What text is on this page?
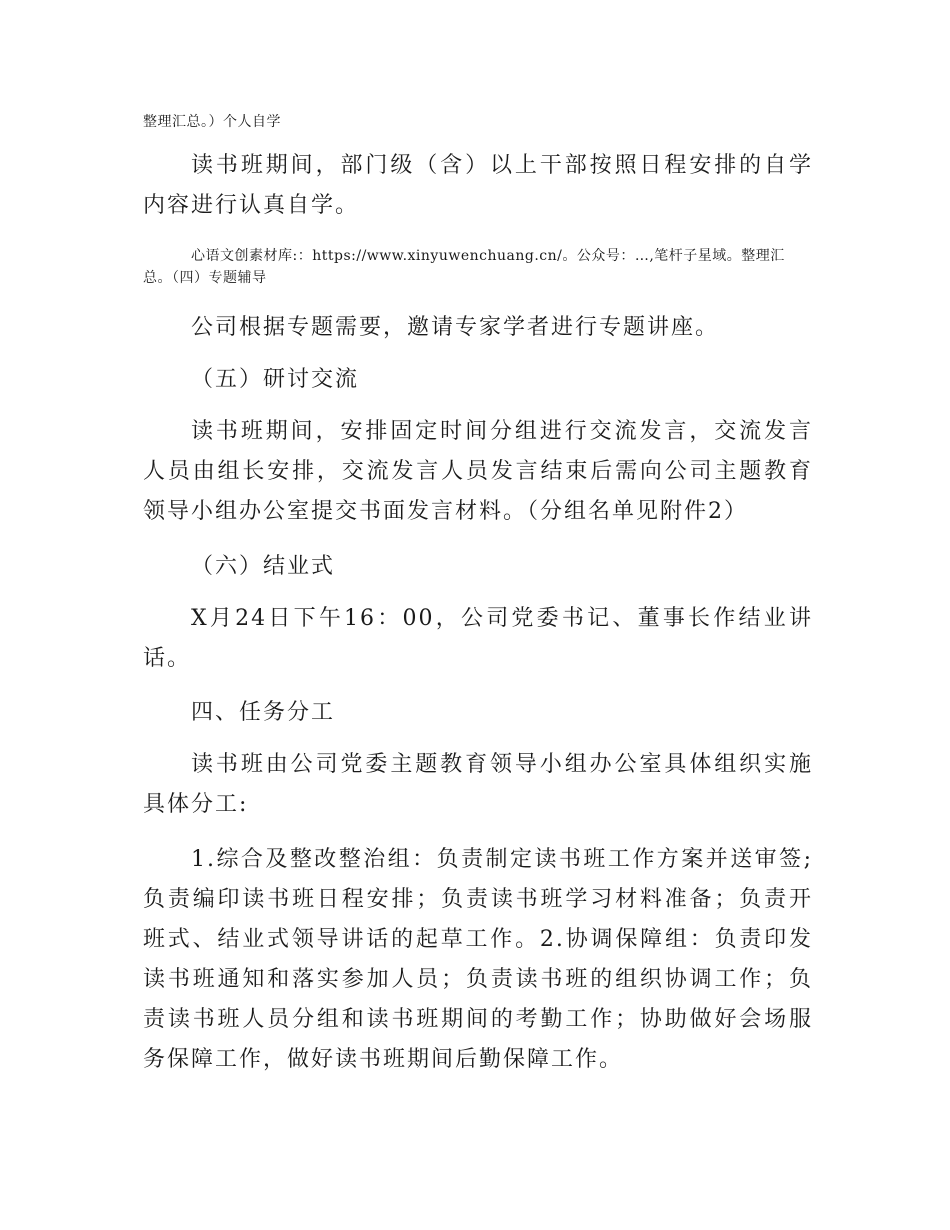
整理汇总。）个人自学

读书班期间，部门级（含）以上干部按照日程安排的自学内容进行认真自学。

心语文创素材库:：https://www.xinyuwenchuang.cn/。公众号：…,笔杆子星域。整理汇总。（四）专题辅导

公司根据专题需要，邀请专家学者进行专题讲座。

（五）研讨交流

读书班期间，安排固定时间分组进行交流发言，交流发言人员由组长安排，交流发言人员发言结束后需向公司主题教育领导小组办公室提交书面发言材料。（分组名单见附件2）

（六）结业式

X月24日下午16：00，公司党委书记、董事长作结业讲话。

四、任务分工

读书班由公司党委主题教育领导小组办公室具体组织实施具体分工:

1.综合及整改整治组：负责制定读书班工作方案并送审签;负责编印读书班日程安排；负责读书班学习材料准备；负责开班式、结业式领导讲话的起草工作。2.协调保障组：负责印发读书班通知和落实参加人员；负责读书班的组织协调工作；负责读书班人员分组和读书班期间的考勤工作；协助做好会场服务保障工作，做好读书班期间后勤保障工作。
